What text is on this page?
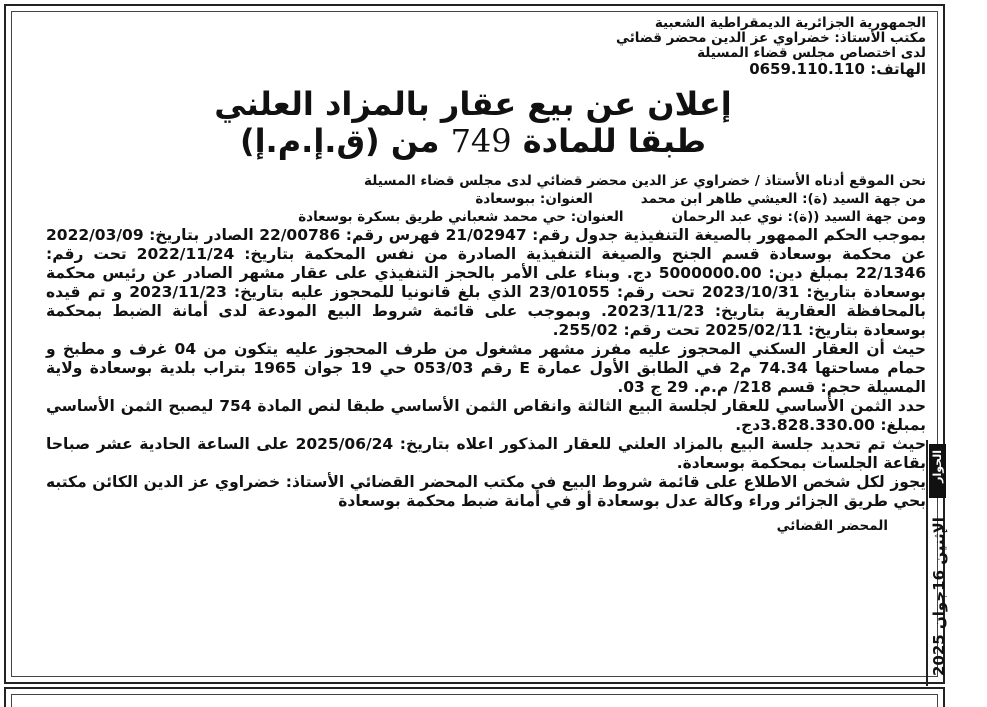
الجمهورية الجزائرية الديمقراطية الشعبية

مكتب الأستاذ: خضراوي عز الدين محضر قضائي

لدى اختصاص مجلس قضاء المسيلة

الهاتف: 0659.110.110

إعلان عن بيع عقار بالمزاد العلني
طبقا للمادة 749 من (ق.إ.م.إ)

نحن الموقع أدناه الأستاذ / خضراوي عز الدين محضر قضائي لدى مجلس قضاء المسيلة

من جهة السيد (ة): العيشي طاهر ابن محمدالعنوان: ببوسعادة

ومن جهة السيد ((ة): نوي عبد الرحمانالعنوان: حي محمد شعباني طريق بسكرة بوسعادة

بموجب الحكم الممهور بالصيغة التنفيذية جدول رقم: 21/02947 فهرس رقم: 22/00786 الصادر بتاريخ: 2022/03/09 عن محكمة بوسعادة قسم الجنح والصيغة التنفيذية الصادرة من نفس المحكمة بتاريخ: 2022/11/24 تحت رقم: 22/1346 بمبلغ دين: 5000000.00 دج. وبناء على الأمر بالحجز التنفيذي على عقار مشهر الصادر عن رئيس محكمة بوسعادة بتاريخ: 2023/10/31 تحت رقم: 23/01055 الذي بلغ قانونيا للمحجوز عليه بتاريخ: 2023/11/23 و تم قيده بالمحافظة العقارية بتاريخ: 2023/11/23. وبموجب على قائمة شروط البيع المودعة لدى أمانة الضبط بمحكمة بوسعادة بتاريخ: 2025/02/11 تحت رقم: 255/02.

حيث أن العقار السكني المحجوز عليه مفرز مشهر مشغول من طرف المحجوز عليه يتكون من 04 غرف و مطبخ و حمام مساحتها 74.34 م2 في الطابق الأول عمارة E رقم 053/03 حي 19 جوان 1965 بتراب بلدية بوسعادة ولاية المسيلة حجم: قسم 218/ م.م. 29 ج 03.

حدد الثمن الأساسي للعقار لجلسة البيع الثالثة وانقاص الثمن الأساسي طبقا لنص المادة 754 ليصبح الثمن الأساسي بمبلغ: 3.828.330.00دج.

حيث تم تحديد جلسة البيع بالمزاد العلني للعقار المذكور اعلاه بتاريخ: 2025/06/24 على الساعة الحادية عشر صباحا بقاعة الجلسات بمحكمة بوسعادة.

يجوز لكل شخص الاطلاع على قائمة شروط البيع في مكتب المحضر القضائي الأستاذ: خضراوي عز الدين الكائن مكتبه بحي طريق الجزائر وراء وكالة عدل بوسعادة أو في أمانة ضبط محكمة بوسعادة

المحضر القضائي

الحوار
الإثنين 16جوان 2025
